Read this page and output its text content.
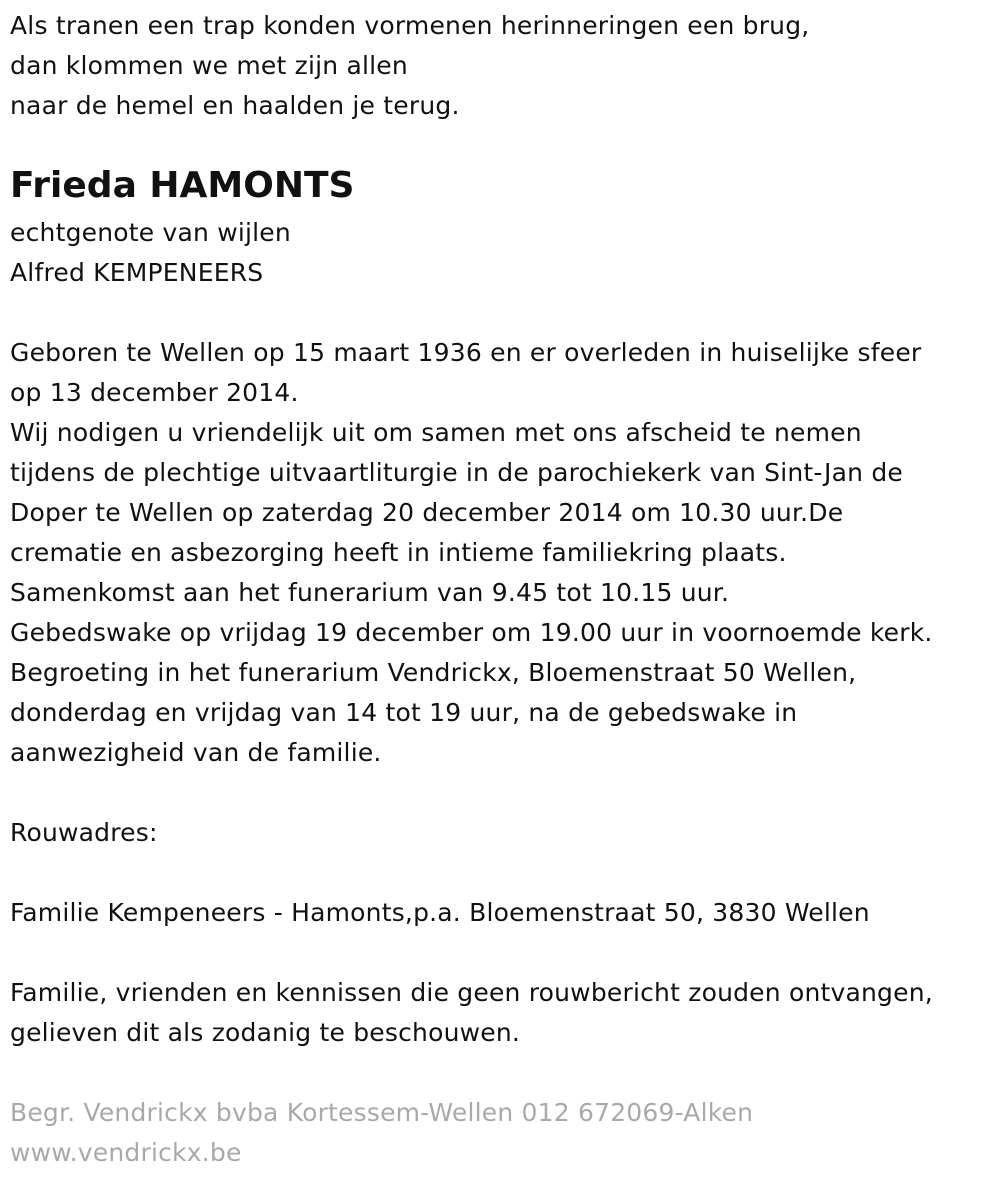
Als tranen een trap konden vormenen herinneringen een brug,
dan klommen we met zijn allen
naar de hemel en haalden je terug.
Frieda HAMONTS
echtgenote van wijlen
Alfred KEMPENEERS
Geboren te Wellen op 15 maart 1936 en er overleden in huiselijke sfeer
op 13 december 2014.
Wij nodigen u vriendelijk uit om samen met ons afscheid te nemen
tijdens de plechtige uitvaartliturgie in de parochiekerk van Sint-Jan de
Doper te Wellen op zaterdag 20 december 2014 om 10.30 uur.De
crematie en asbezorging heeft in intieme familiekring plaats.
Samenkomst aan het funerarium van 9.45 tot 10.15 uur.
Gebedswake op vrijdag 19 december om 19.00 uur in voornoemde kerk.
Begroeting in het funerarium Vendrickx, Bloemenstraat 50 Wellen,
donderdag en vrijdag van 14 tot 19 uur, na de gebedswake in
aanwezigheid van de familie.
Rouwadres:
Familie Kempeneers - Hamonts,p.a. Bloemenstraat 50, 3830 Wellen
Familie, vrienden en kennissen die geen rouwbericht zouden ontvangen,
gelieven dit als zodanig te beschouwen.
Begr. Vendrickx bvba Kortessem-Wellen 012 672069-Alken
www.vendrickx.be
